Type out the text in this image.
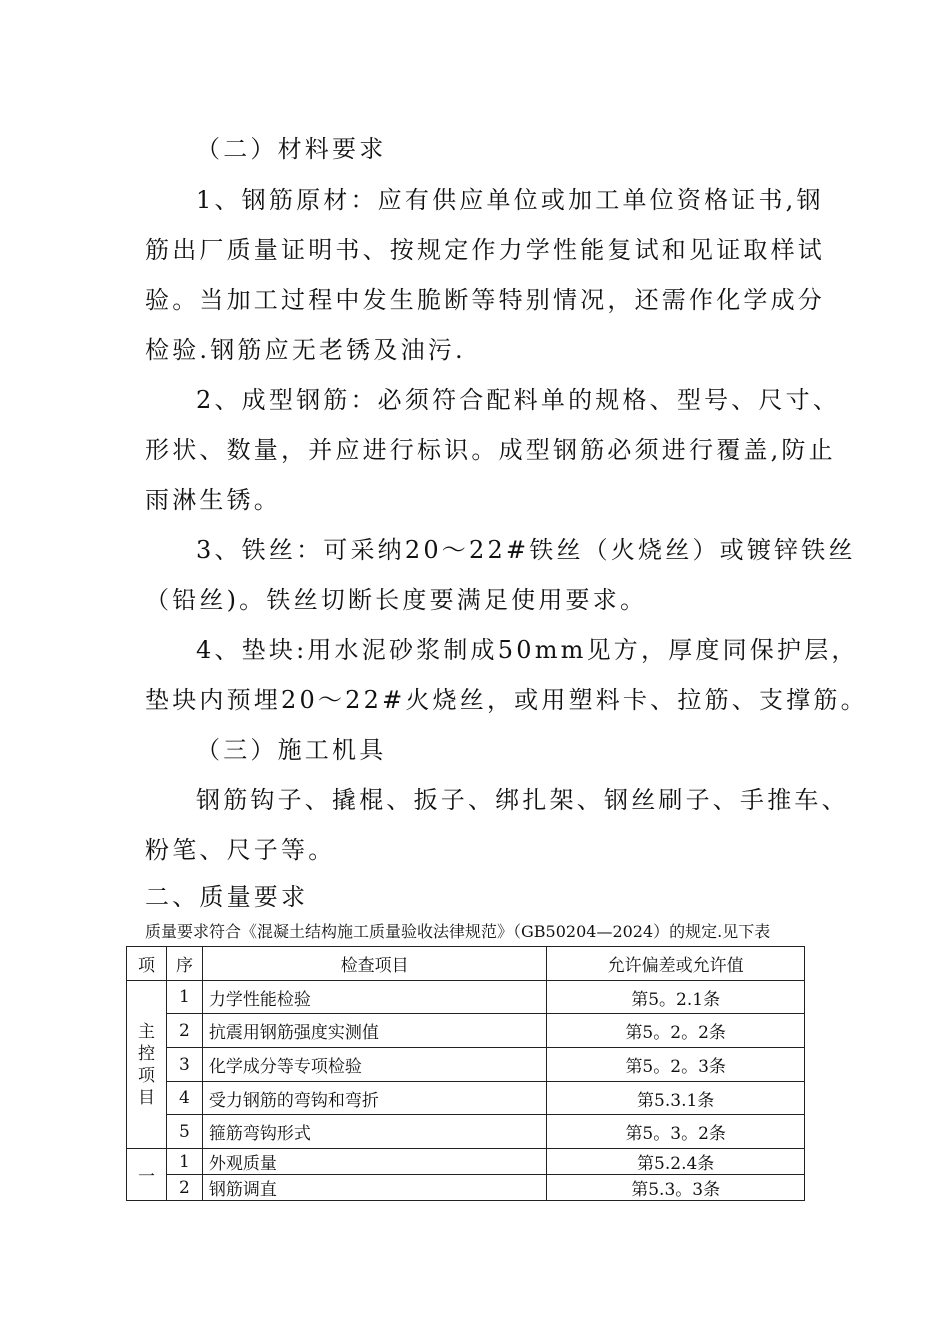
（二）材料要求
1、钢筋原材：应有供应单位或加工单位资格证书,钢
筋出厂质量证明书、按规定作力学性能复试和见证取样试
验。当加工过程中发生脆断等特别情况，还需作化学成分
检验.钢筋应无老锈及油污.
2、成型钢筋：必须符合配料单的规格、型号、尺寸、
形状、数量，并应进行标识。成型钢筋必须进行覆盖,防止
雨淋生锈。
3、铁丝：可采纳20～22#铁丝（火烧丝）或镀锌铁丝
（铅丝)。铁丝切断长度要满足使用要求。
4、垫块:用水泥砂浆制成50mm见方，厚度同保护层，
垫块内预埋20～22#火烧丝，或用塑料卡、拉筋、支撑筋。
（三）施工机具
钢筋钩子、撬棍、扳子、绑扎架、钢丝刷子、手推车、
粉笔、尺子等。
二、质量要求
质量要求符合《混凝土结构施工质量验收法律规范》（GB50204—2024）的规定.见下表
项	序	检查项目	允许偏差或允许值

主控项目	1	力学性能检验	第5。2.1条
	2	抗震用钢筋强度实测值	第5。2。2条
	3	化学成分等专项检验	第5。2。3条
	4	受力钢筋的弯钩和弯折	第5.3.1条
	5	箍筋弯钩形式	第5。3。2条
一	1	外观质量	第5.2.4条
	2	钢筋调直	第5.3。3条
